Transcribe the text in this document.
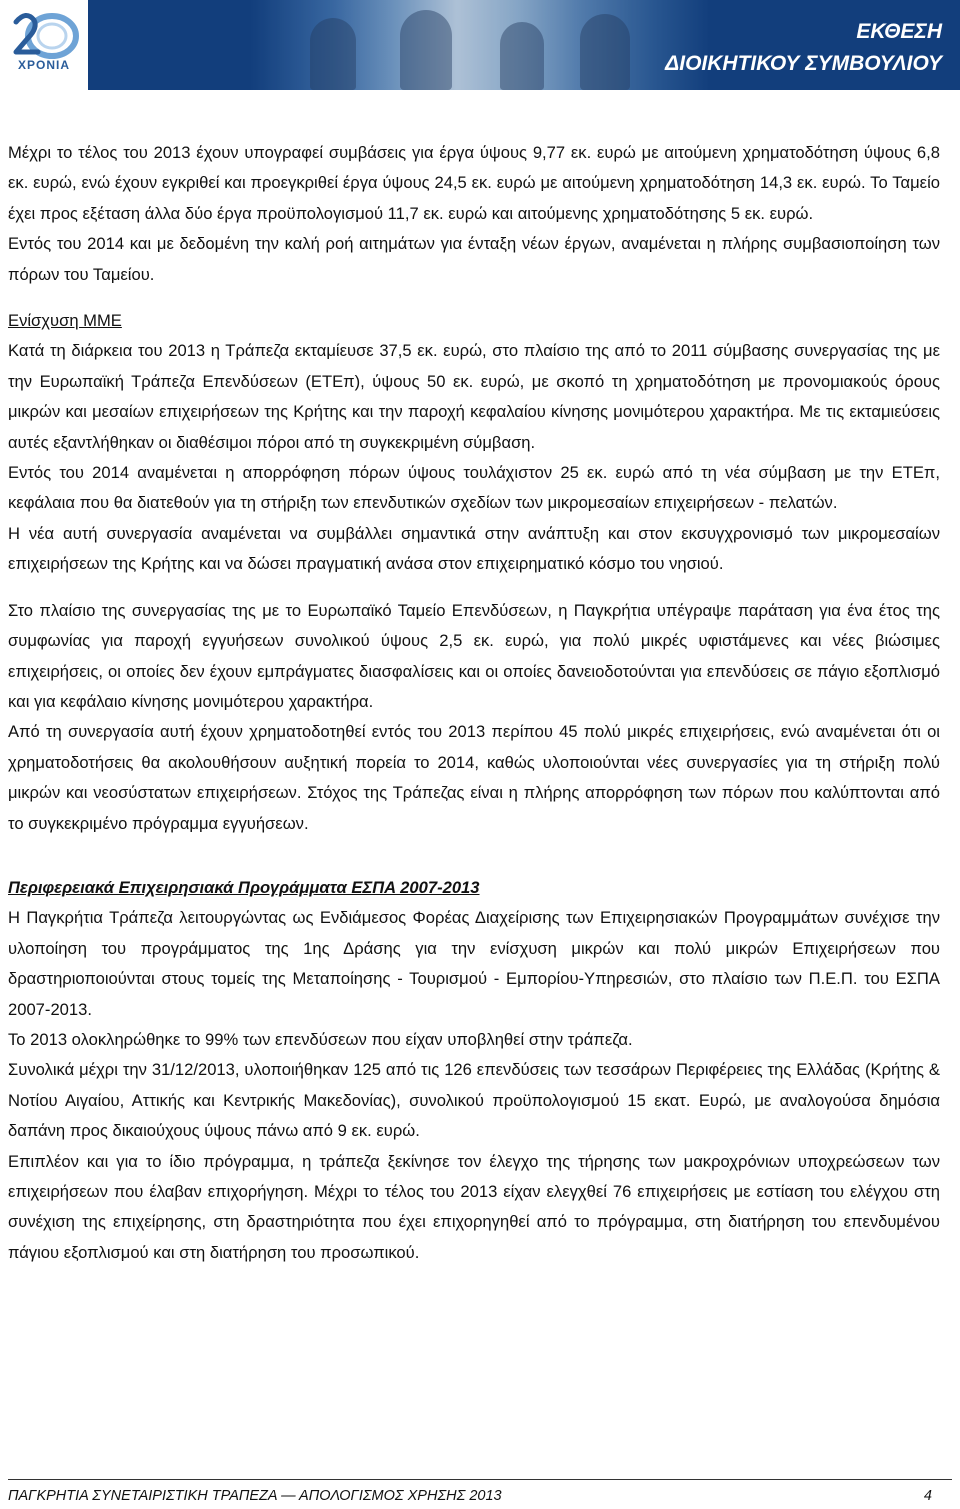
ΧΡΟΝΙΑ
ΕΚΘΕΣΗ
ΔΙΟΙΚΗΤΙΚΟΥ ΣΥΜΒΟΥΛΙΟΥ

Μέχρι το τέλος του 2013 έχουν υπογραφεί συμβάσεις για έργα ύψους 9,77 εκ. ευρώ με αιτούμενη χρηματοδότηση ύψους 6,8 εκ. ευρώ, ενώ έχουν εγκριθεί και προεγκριθεί έργα ύψους 24,5 εκ. ευρώ με αιτούμενη χρηματοδότηση 14,3 εκ. ευρώ. Το Ταμείο έχει προς εξέταση άλλα δύο έργα προϋπολογισμού 11,7 εκ. ευρώ και αιτούμενης χρηματοδότησης 5 εκ. ευρώ.

Εντός του 2014 και με δεδομένη την καλή ροή αιτημάτων για ένταξη νέων έργων, αναμένεται η πλήρης συμβασιοποίηση των πόρων του Ταμείου.

Ενίσχυση ΜΜΕ

Κατά τη διάρκεια του 2013 η Τράπεζα εκταμίευσε 37,5 εκ. ευρώ, στο πλαίσιο της από το 2011 σύμβασης συνεργασίας της με την Ευρωπαϊκή Τράπεζα Επενδύσεων (ΕΤΕπ), ύψους 50 εκ. ευρώ, με σκοπό τη χρηματοδότηση με προνομιακούς όρους μικρών και μεσαίων επιχειρήσεων της Κρήτης και την παροχή κεφαλαίου κίνησης μονιμότερου χαρακτήρα. Με τις εκταμιεύσεις αυτές εξαντλήθηκαν οι διαθέσιμοι πόροι από τη συγκεκριμένη σύμβαση.

Εντός του 2014 αναμένεται η απορρόφηση πόρων ύψους τουλάχιστον 25 εκ. ευρώ από τη νέα σύμβαση με την ΕΤΕπ, κεφάλαια που θα διατεθούν για τη στήριξη των επενδυτικών σχεδίων των μικρομεσαίων επιχειρήσεων - πελατών.

Η νέα αυτή συνεργασία αναμένεται να συμβάλλει σημαντικά στην ανάπτυξη και στον εκσυγχρονισμό των μικρομεσαίων επιχειρήσεων της Κρήτης και να δώσει πραγματική ανάσα στον επιχειρηματικό κόσμο του νησιού.

Στο πλαίσιο της συνεργασίας της με το Ευρωπαϊκό Ταμείο Επενδύσεων, η Παγκρήτια υπέγραψε παράταση για ένα έτος της συμφωνίας για παροχή εγγυήσεων συνολικού ύψους 2,5 εκ. ευρώ, για πολύ μικρές υφιστάμενες και νέες βιώσιμες επιχειρήσεις, οι οποίες δεν έχουν εμπράγματες διασφαλίσεις και οι οποίες δανειοδοτούνται για επενδύσεις σε πάγιο εξοπλισμό και για κεφάλαιο κίνησης μονιμότερου χαρακτήρα.

Από τη συνεργασία αυτή έχουν χρηματοδοτηθεί εντός του 2013 περίπου 45 πολύ μικρές επιχειρήσεις, ενώ αναμένεται ότι οι χρηματοδοτήσεις θα ακολουθήσουν αυξητική πορεία το 2014, καθώς υλοποιούνται νέες συνεργασίες για τη στήριξη πολύ μικρών και νεοσύστατων επιχειρήσεων. Στόχος της Τράπεζας είναι η πλήρης απορρόφηση των πόρων που καλύπτονται από το συγκεκριμένο πρόγραμμα εγγυήσεων.

Περιφερειακά Επιχειρησιακά Προγράμματα ΕΣΠΑ 2007-2013

Η Παγκρήτια Τράπεζα λειτουργώντας ως Ενδιάμεσος Φορέας Διαχείρισης των Επιχειρησιακών Προγραμμάτων συνέχισε την υλοποίηση του προγράμματος της 1ης Δράσης για την ενίσχυση μικρών και πολύ μικρών Επιχειρήσεων που δραστηριοποιούνται στους τομείς της Μεταποίησης - Τουρισμού - Εμπορίου-Υπηρεσιών, στο πλαίσιο των Π.Ε.Π. του ΕΣΠΑ 2007-2013.

Το 2013 ολοκληρώθηκε το 99% των επενδύσεων που είχαν υποβληθεί στην τράπεζα.

Συνολικά μέχρι την 31/12/2013, υλοποιήθηκαν 125 από τις 126 επενδύσεις των τεσσάρων Περιφέρειες της Ελλάδας (Κρήτης & Νοτίου Αιγαίου, Αττικής και Κεντρικής Μακεδονίας), συνολικού προϋπολογισμού 15 εκατ. Ευρώ, με αναλογούσα δημόσια δαπάνη προς δικαιούχους ύψους πάνω από 9 εκ. ευρώ.

Επιπλέον και για το ίδιο πρόγραμμα, η τράπεζα ξεκίνησε τον έλεγχο της τήρησης των μακροχρόνιων υποχρεώσεων των επιχειρήσεων που έλαβαν επιχορήγηση. Μέχρι το τέλος του 2013 είχαν ελεγχθεί 76 επιχειρήσεις με εστίαση του ελέγχου στη συνέχιση της επιχείρησης, στη δραστηριότητα που έχει επιχορηγηθεί από το πρόγραμμα, στη διατήρηση του επενδυμένου πάγιου εξοπλισμού και στη διατήρηση του προσωπικού.

ΠΑΓΚΡΗΤΙΑ ΣΥΝΕΤΑΙΡΙΣΤΙΚΗ ΤΡΑΠΕΖΑ — ΑΠΟΛΟΓΙΣΜΟΣ ΧΡΗΣΗΣ 2013	4
